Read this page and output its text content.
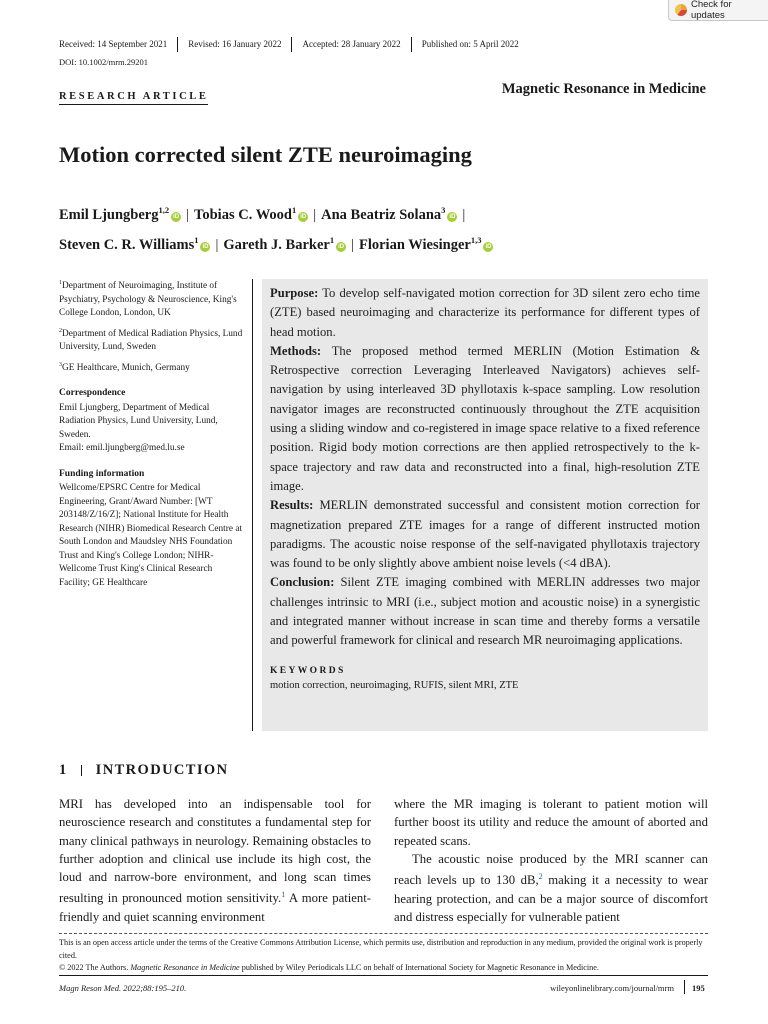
Check for updates
Received: 14 September 2021	Revised: 16 January 2022	Accepted: 28 January 2022	Published on: 5 April 2022
DOI: 10.1002/mrm.29201
RESEARCH ARTICLE	Magnetic Resonance in Medicine
Motion corrected silent ZTE neuroimaging
Emil Ljungberg$^{1,2}$iD | Tobias C. Wood$^1$iD | Ana Beatriz Solana$^3$iD |
Steven C. R. Williams$^1$iD | Gareth J. Barker$^1$iD | Florian Wiesinger$^{1,3}$iD

$^1$Department of Neuroimaging, Institute of Psychiatry, Psychology & Neuroscience, King's College London, London, UK

$^2$Department of Medical Radiation Physics, Lund University, Lund, Sweden

$^3$GE Healthcare, Munich, Germany

Correspondence

Emil Ljungberg, Department of Medical Radiation Physics, Lund University, Lund, Sweden.

Email: emil.ljungberg@med.lu.se

Funding information

Wellcome/EPSRC Centre for Medical Engineering, Grant/Award Number: [WT 203148/Z/16/Z]; National Institute for Health Research (NIHR) Biomedical Research Centre at South London and Maudsley NHS Foundation Trust and King's College London; NIHR-Wellcome Trust King's Clinical Research Facility; GE Healthcare

Purpose: To develop self-navigated motion correction for 3D silent zero echo time (ZTE) based neuroimaging and characterize its performance for different types of head motion.

Methods: The proposed method termed MERLIN (Motion Estimation & Retrospective correction Leveraging Interleaved Navigators) achieves self-navigation by using interleaved 3D phyllotaxis k-space sampling. Low resolution navigator images are reconstructed continuously throughout the ZTE acquisition using a sliding window and co-registered in image space relative to a fixed reference position. Rigid body motion corrections are then applied retrospectively to the k-space trajectory and raw data and reconstructed into a final, high-resolution ZTE image.

Results: MERLIN demonstrated successful and consistent motion correction for magnetization prepared ZTE images for a range of different instructed motion paradigms. The acoustic noise response of the self-navigated phyllotaxis trajectory was found to be only slightly above ambient noise levels (<4 dBA).

Conclusion: Silent ZTE imaging combined with MERLIN addresses two major challenges intrinsic to MRI (i.e., subject motion and acoustic noise) in a synergistic and integrated manner without increase in scan time and thereby forms a versatile and powerful framework for clinical and research MR neuroimaging applications.

KEYWORDS
motion correction, neuroimaging, RUFIS, silent MRI, ZTE
1 INTRODUCTION

MRI has developed into an indispensable tool for neuroscience research and constitutes a fundamental step for many clinical pathways in neurology. Remaining obstacles to further adoption and clinical use include its high cost, the loud and narrow-bore environment, and long scan times resulting in pronounced motion sensitivity.$^1$ A more patient-friendly and quiet scanning environment

where the MR imaging is tolerant to patient motion will further boost its utility and reduce the amount of aborted and repeated scans.

The acoustic noise produced by the MRI scanner can reach levels up to 130 dB,$^2$ making it a necessity to wear hearing protection, and can be a major source of discomfort and distress especially for vulnerable patient

This is an open access article under the terms of the Creative Commons Attribution License, which permits use, distribution and reproduction in any medium, provided the original work is properly cited.

© 2022 The Authors. Magnetic Resonance in Medicine published by Wiley Periodicals LLC on behalf of International Society for Magnetic Resonance in Medicine.

Magn Reson Med. 2022;88:195–210.	wileyonlinelibrary.com/journal/mrm 195
